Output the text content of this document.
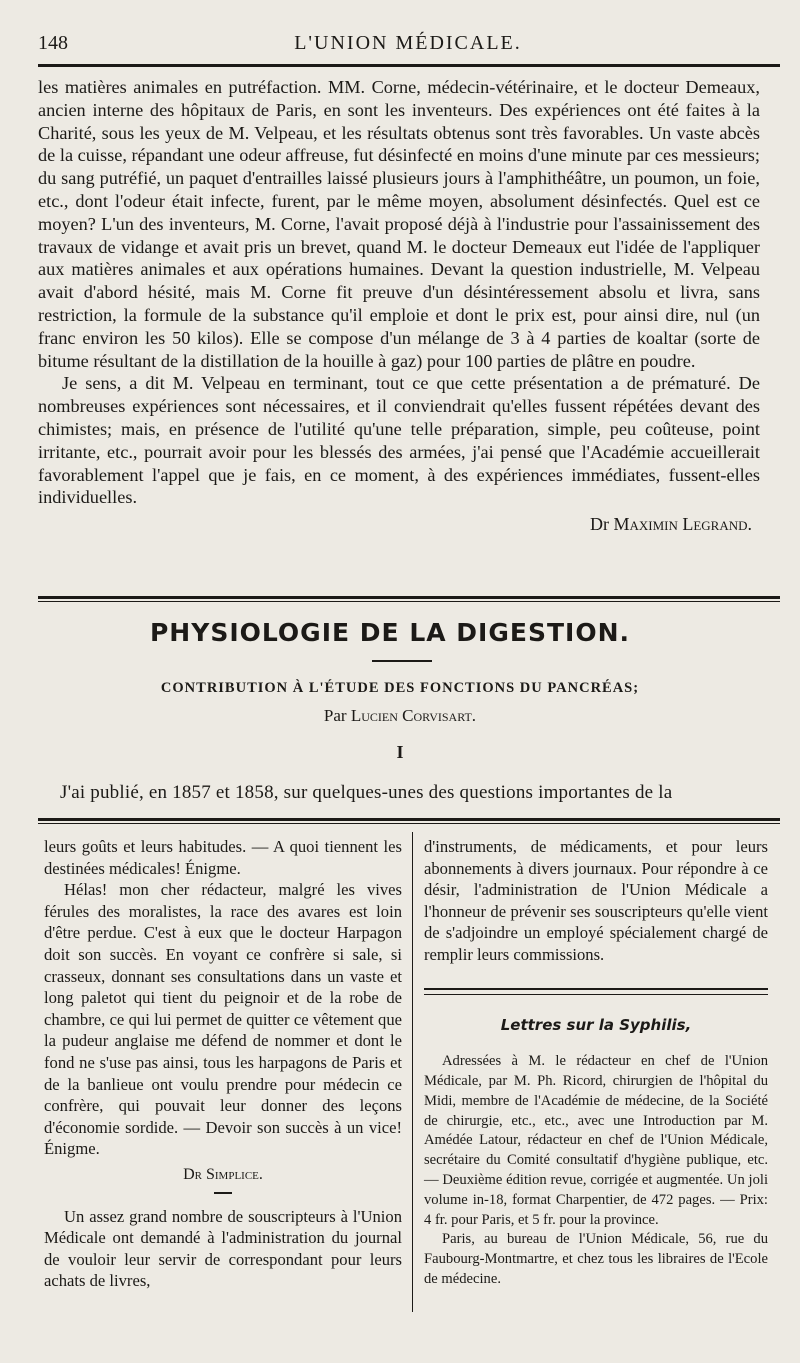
148	L'UNION MÉDICALE.

les matières animales en putréfaction. MM. Corne, médecin-vétérinaire, et le docteur Demeaux, ancien interne des hôpitaux de Paris, en sont les inventeurs. Des expériences ont été faites à la Charité, sous les yeux de M. Velpeau, et les résultats obtenus sont très favorables. Un vaste abcès de la cuisse, répandant une odeur affreuse, fut désinfecté en moins d'une minute par ces messieurs; du sang putréfié, un paquet d'entrailles laissé plusieurs jours à l'amphithéâtre, un poumon, un foie, etc., dont l'odeur était infecte, furent, par le même moyen, absolument désinfectés. Quel est ce moyen? L'un des inventeurs, M. Corne, l'avait proposé déjà à l'industrie pour l'assainissement des travaux de vidange et avait pris un brevet, quand M. le docteur Demeaux eut l'idée de l'appliquer aux matières animales et aux opérations humaines. Devant la question industrielle, M. Velpeau avait d'abord hésité, mais M. Corne fit preuve d'un désintéressement absolu et livra, sans restriction, la formule de la substance qu'il emploie et dont le prix est, pour ainsi dire, nul (un franc environ les 50 kilos). Elle se compose d'un mélange de 3 à 4 parties de koaltar (sorte de bitume résultant de la distillation de la houille à gaz) pour 100 parties de plâtre en poudre.

Je sens, a dit M. Velpeau en terminant, tout ce que cette présentation a de prématuré. De nombreuses expériences sont nécessaires, et il conviendrait qu'elles fussent répétées devant des chimistes; mais, en présence de l'utilité qu'une telle préparation, simple, peu coûteuse, point irritante, etc., pourrait avoir pour les blessés des armées, j'ai pensé que l'Académie accueillerait favorablement l'appel que je fais, en ce moment, à des expériences immédiates, fussent-elles individuelles.

Dr Maximin Legrand.
PHYSIOLOGIE DE LA DIGESTION.
CONTRIBUTION À L'ÉTUDE DES FONCTIONS DU PANCRÉAS;
Par Lucien Corvisart.
I
J'ai publié, en 1857 et 1858, sur quelques-unes des questions importantes de la

leurs goûts et leurs habitudes. — A quoi tiennent les destinées médicales! Énigme.

Hélas! mon cher rédacteur, malgré les vives férules des moralistes, la race des avares est loin d'être perdue. C'est à eux que le docteur Harpagon doit son succès. En voyant ce confrère si sale, si crasseux, donnant ses consultations dans un vaste et long paletot qui tient du peignoir et de la robe de chambre, ce qui lui permet de quitter ce vêtement que la pudeur anglaise me défend de nommer et dont le fond ne s'use pas ainsi, tous les harpagons de Paris et de la banlieue ont voulu prendre pour médecin ce confrère, qui pouvait leur donner des leçons d'économie sordide. — Devoir son succès à un vice! Énigme.

Dr Simplice.

Un assez grand nombre de souscripteurs à l'Union Médicale ont demandé à l'administration du journal de vouloir leur servir de correspondant pour leurs achats de livres,

d'instruments, de médicaments, et pour leurs abonnements à divers journaux. Pour répondre à ce désir, l'administration de l'Union Médicale a l'honneur de prévenir ses souscripteurs qu'elle vient de s'adjoindre un employé spécialement chargé de remplir leurs commissions.

Lettres sur la Syphilis,

Adressées à M. le rédacteur en chef de l'Union Médicale, par M. Ph. Ricord, chirurgien de l'hôpital du Midi, membre de l'Académie de médecine, de la Société de chirurgie, etc., etc., avec une Introduction par M. Amédée Latour, rédacteur en chef de l'Union Médicale, secrétaire du Comité consultatif d'hygiène publique, etc. — Deuxième édition revue, corrigée et augmentée. Un joli volume in-18, format Charpentier, de 472 pages. — Prix: 4 fr. pour Paris, et 5 fr. pour la province.

Paris, au bureau de l'Union Médicale, 56, rue du Faubourg-Montmartre, et chez tous les libraires de l'Ecole de médecine.
